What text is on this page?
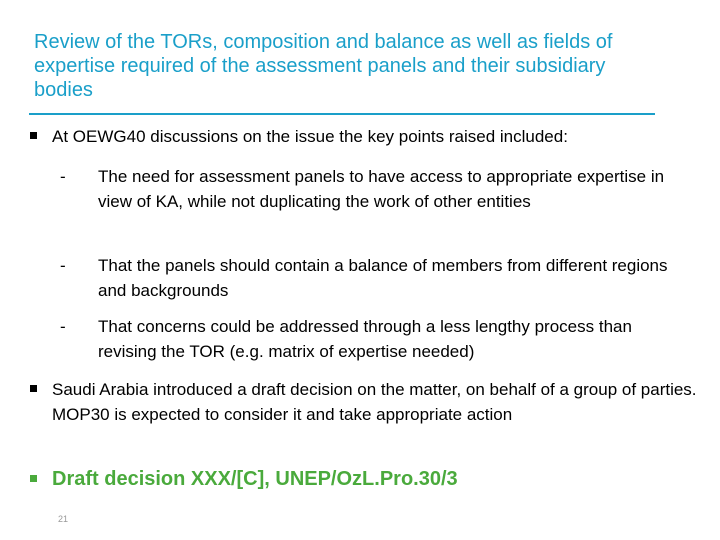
Review of the TORs, composition and balance as well as fields of expertise required of the assessment panels and their subsidiary bodies
At OEWG40 discussions on the issue the key points raised included:
- The need for assessment panels to have access to appropriate expertise in view of KA, while not duplicating the work of other entities
- That the panels should contain a balance of members from different regions and backgrounds
- That concerns could be addressed through a less lengthy process than revising the TOR (e.g. matrix of expertise needed)
Saudi Arabia introduced a draft decision on the matter, on behalf of a group of parties. MOP30 is expected to consider it and take appropriate action
Draft decision XXX/[C], UNEP/OzL.Pro.30/3
21
